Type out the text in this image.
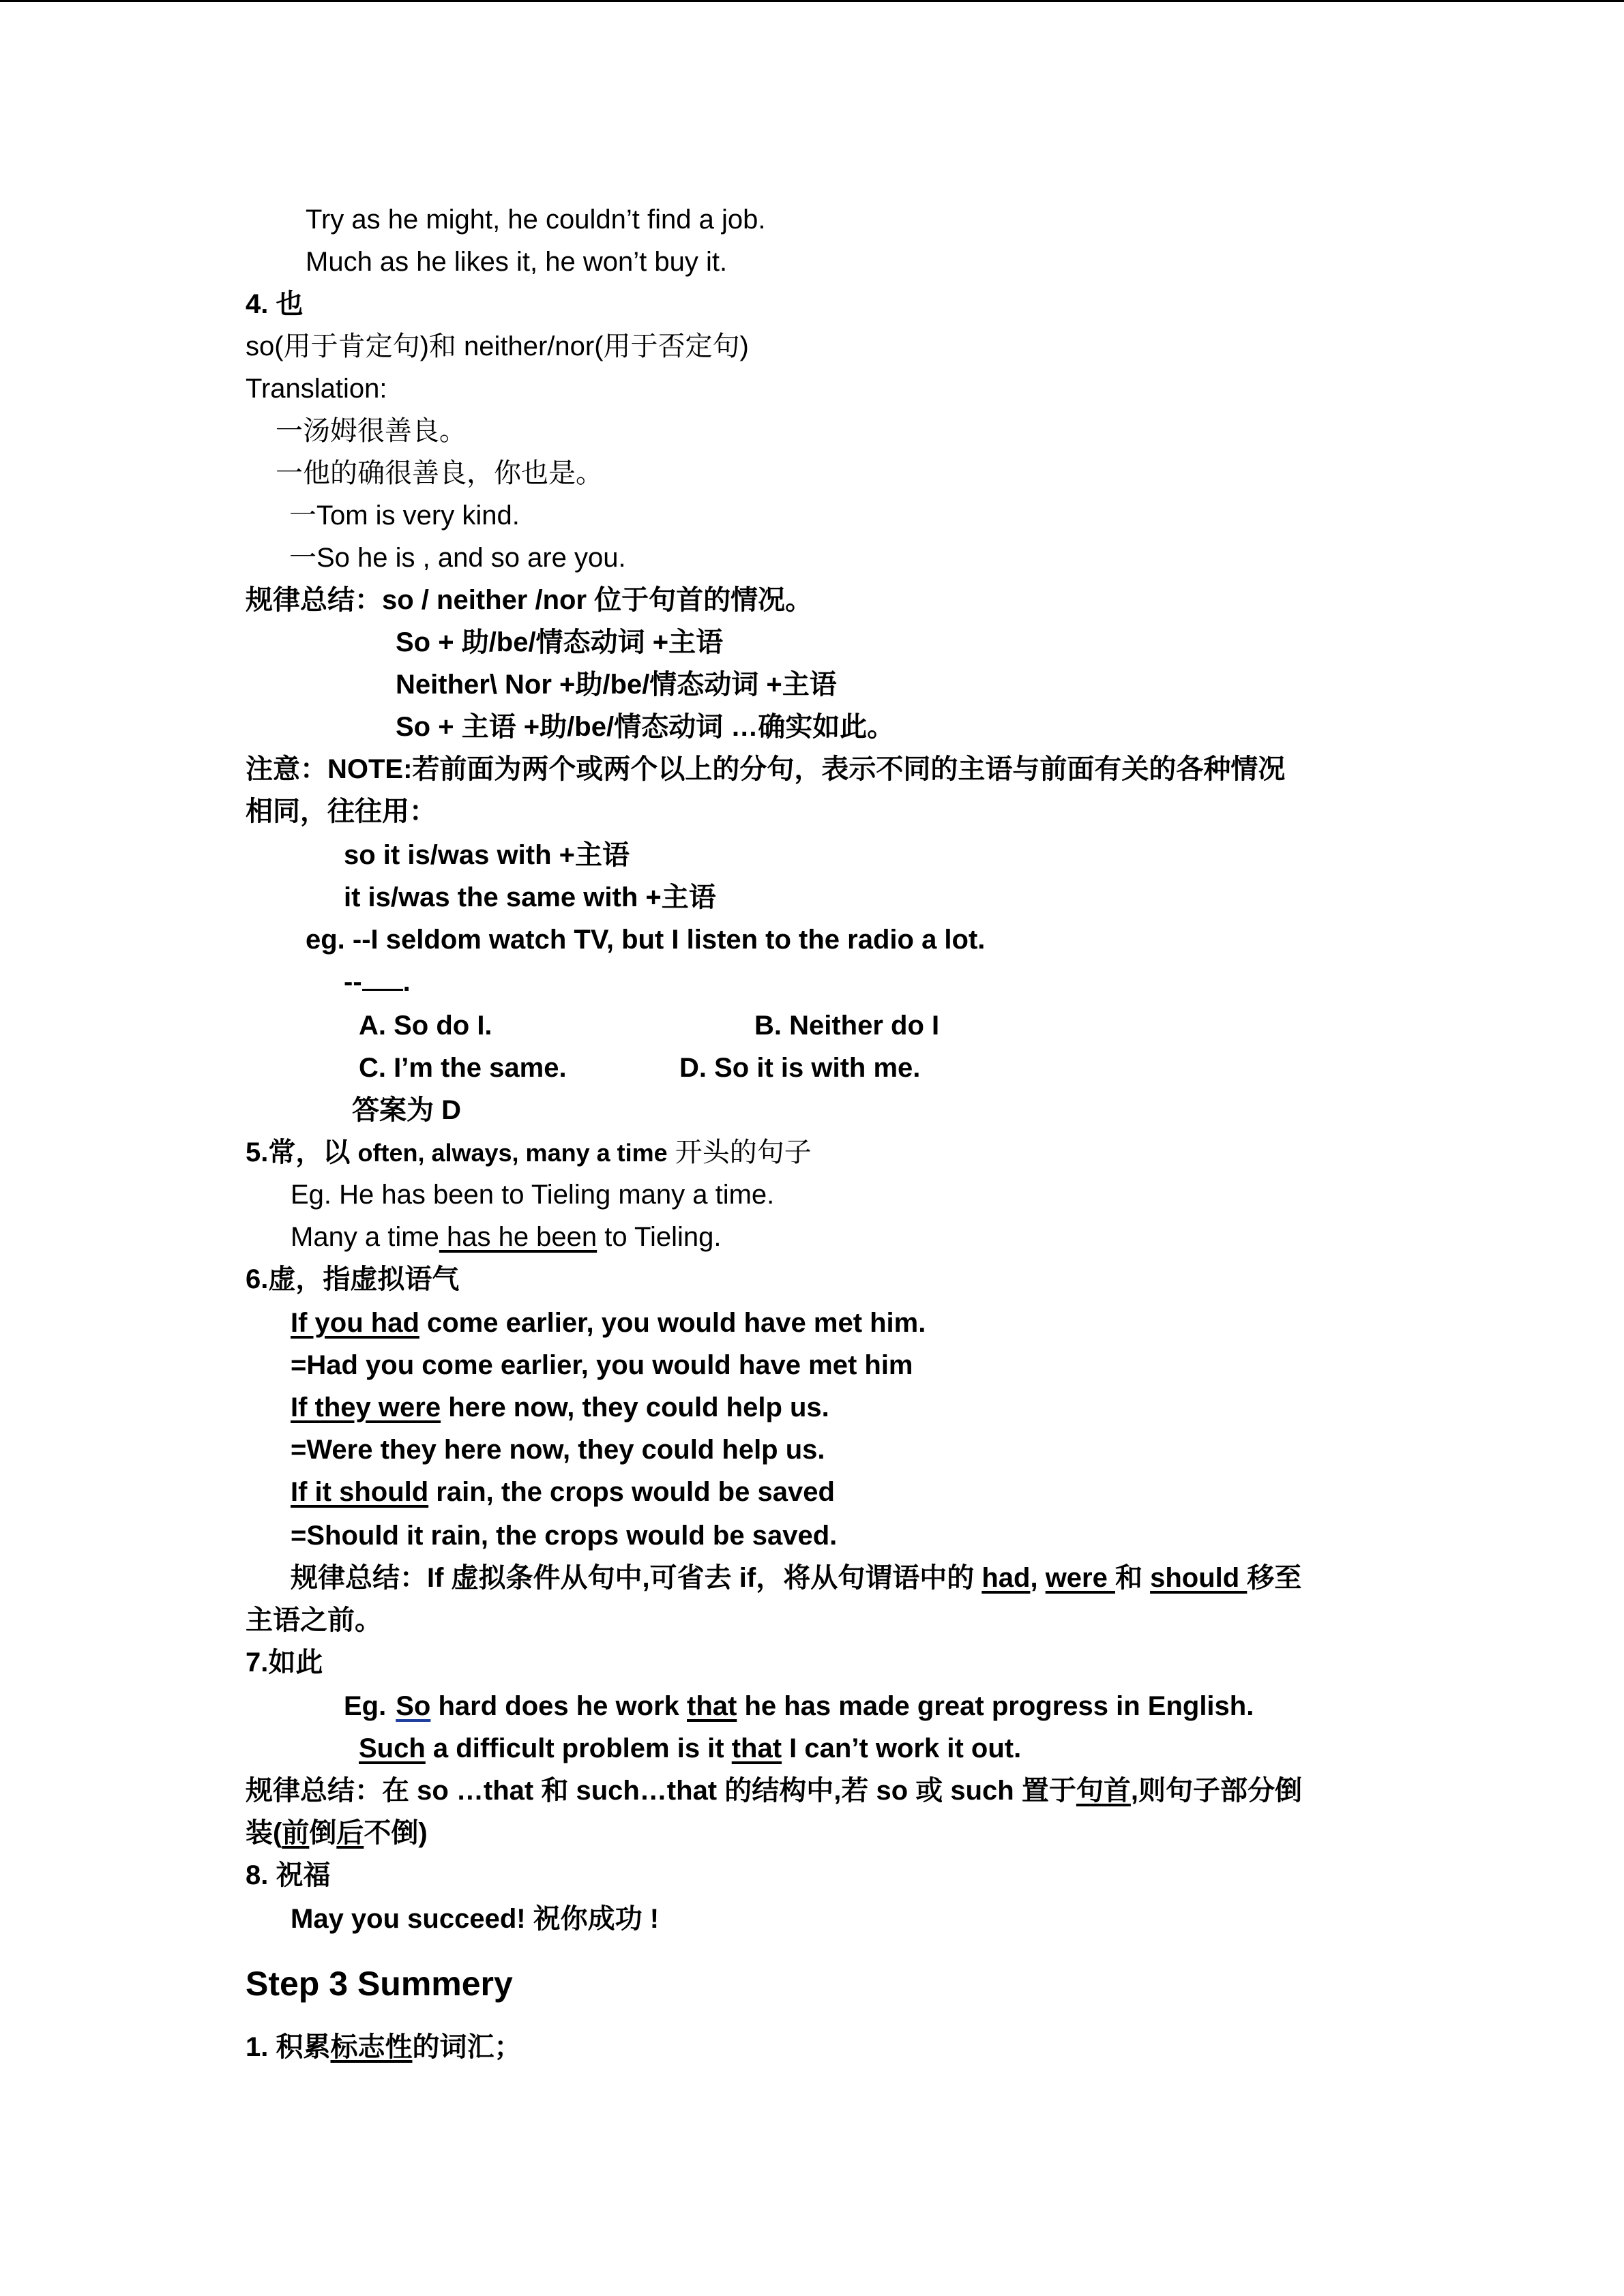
Try as he might, he couldn’t find a job.
Much as he likes it, he won’t buy it.
4. 也
so(用于肯定句)和 neither/nor(用于否定句)
Translation:
一汤姆很善良。
一他的确很善良，你也是。
一Tom is very kind.
一So he is , and so are you.
规律总结：so / neither /nor 位于句首的情况。
So + 助/be/情态动词 +主语
Neither\ Nor +助/be/情态动词 +主语
So + 主语 +助/be/情态动词 …确实如此。
注意：NOTE:若前面为两个或两个以上的分句，表示不同的主语与前面有关的各种情况
相同，往往用：
so it is/was with +主语
it is/was the same with +主语
eg. --I seldom watch TV, but I listen to the radio a lot.
-- .
A. So do I.	B. Neither do I
C. I’m the same.	D. So it is with me.
答案为 D
5.常，以 often, always, many a time 开头的句子
Eg. He has been to Tieling many a time.
Many a time has he been to Tieling.
6.虚，指虚拟语气
If you had come earlier, you would have met him.
=Had you come earlier, you would have met him
If they were here now, they could help us.
=Were they here now, they could help us.
If it should rain, the crops would be saved
=Should it rain, the crops would be saved.
规律总结：If 虚拟条件从句中,可省去 if，将从句谓语中的 had, were 和 should 移至
主语之前。
7.如此
Eg. So hard does he work that he has made great progress in English.
Such a difficult problem is it that I can’t work it out.
规律总结：在 so …that 和 such…that 的结构中,若 so 或 such 置于句首,则句子部分倒
装(前倒后不倒)
8. 祝福
May you succeed! 祝你成功 !
Step 3 Summery
1. 积累标志性的词汇；
